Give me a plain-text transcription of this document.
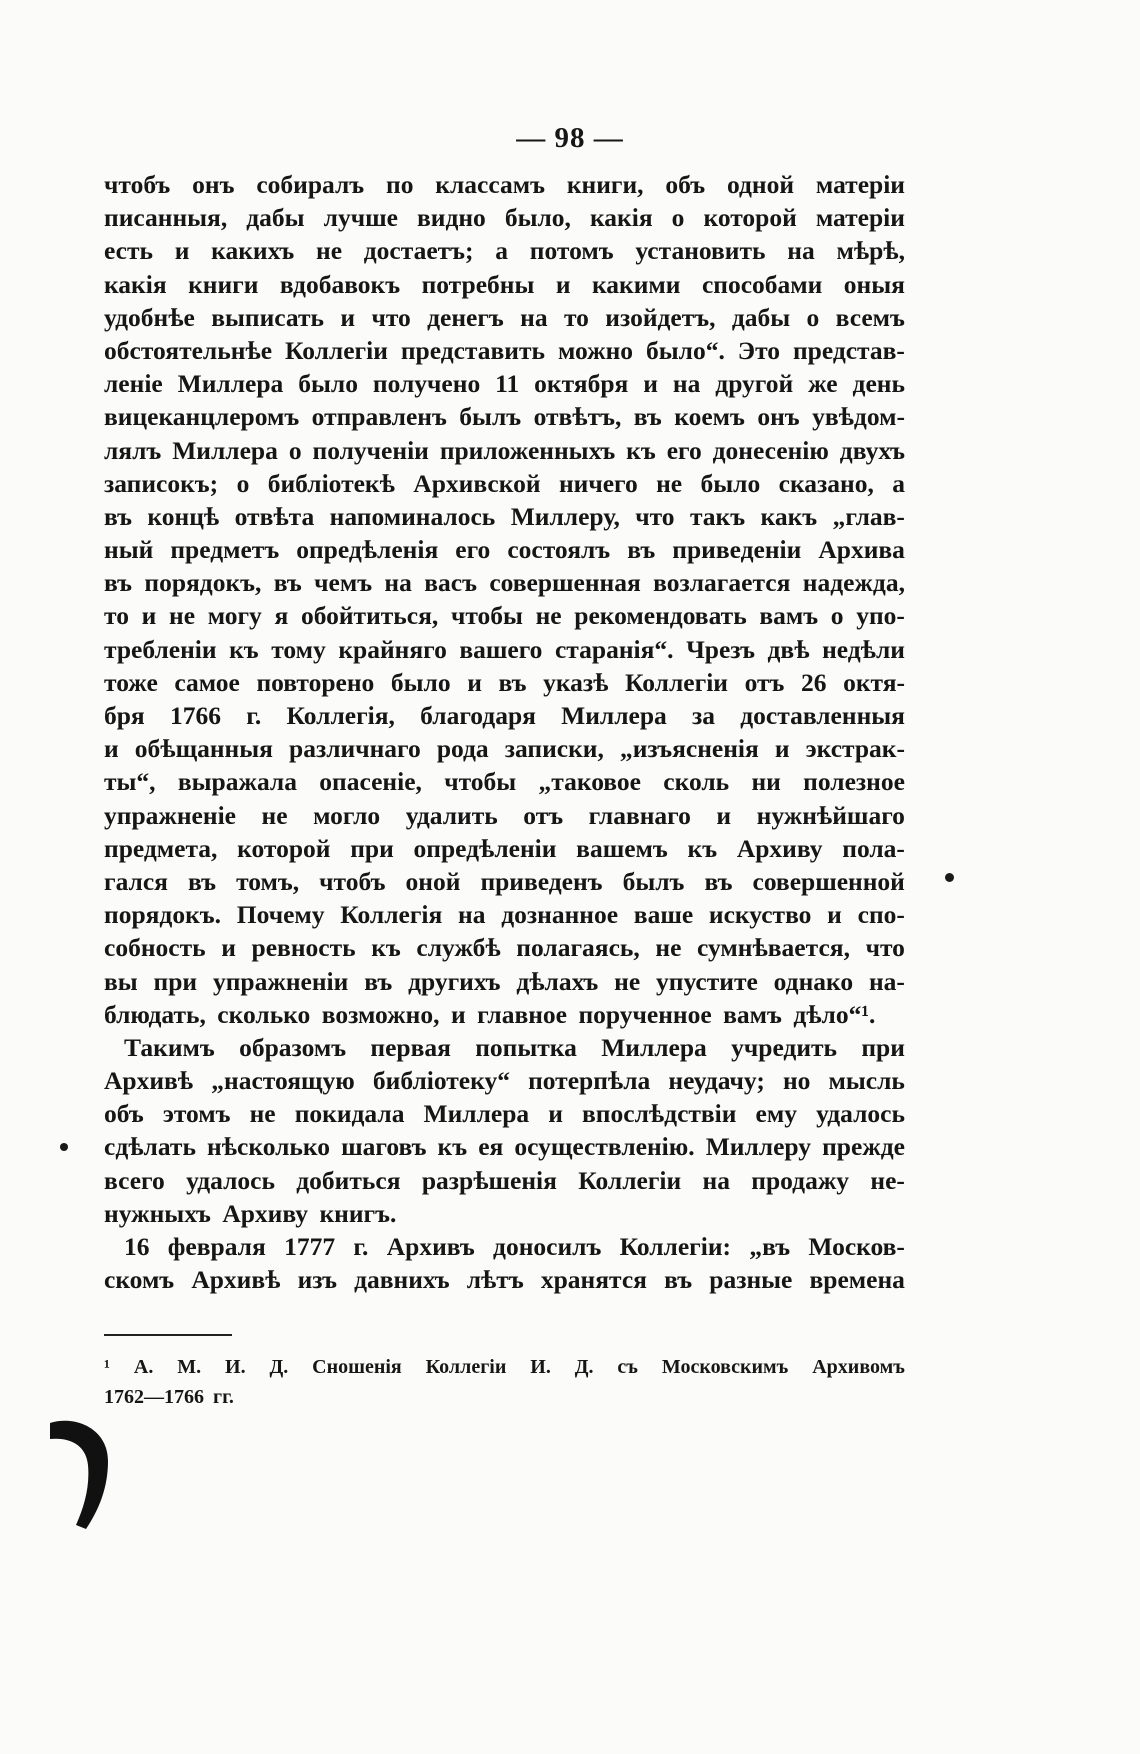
— 98 —
чтобъ онъ собиралъ по классамъ книги, объ одной матеріи
писанныя, дабы лучше видно было, какія о которой матеріи
есть и какихъ не достаетъ; а потомъ установить на мѣрѣ,
какія книги вдобавокъ потребны и какими способами оныя
удобнѣе выписать и что денегъ на то изойдетъ, дабы о всемъ
обстоятельнѣе Коллегіи представить можно было“. Это представ-
леніе Миллера было получено 11 октября и на другой же день
вицеканцлеромъ отправленъ былъ отвѣтъ, въ коемъ онъ увѣдом-
лялъ Миллера о полученіи приложенныхъ къ его донесенію двухъ
записокъ; о библіотекѣ Архивской ничего не было сказано, а
въ концѣ отвѣта напоминалось Миллеру, что такъ какъ „глав-
ный предметъ опредѣленія его состоялъ въ приведеніи Архива
въ порядокъ, въ чемъ на васъ совершенная возлагается надежда,
то и не могу я обойтиться, чтобы не рекомендовать вамъ о упо-
требленіи къ тому крайняго вашего старанія“. Чрезъ двѣ недѣли
тоже самое повторено было и въ указѣ Коллегіи отъ 26 октя-
бря 1766 г. Коллегія, благодаря Миллера за доставленныя
и обѣщанныя различнаго рода записки, „изъясненія и экстрак-
ты“, выражала опасеніе, чтобы „таковое сколь ни полезное
упражненіе не могло удалить отъ главнаго и нужнѣйшаго
предмета, которой при опредѣленіи вашемъ къ Архиву пола-
гался въ томъ, чтобъ оной приведенъ былъ въ совершенной
порядокъ. Почему Коллегія на дознанное ваше искуство и спо-
собность и ревность къ службѣ полагаясь, не сумнѣвается, что
вы при упражненіи въ другихъ дѣлахъ не упустите однако на-
блюдать, сколько возможно, и главное порученное вамъ дѣло“¹.
Такимъ образомъ первая попытка Миллера учредить при
Архивѣ „настоящую библіотеку“ потерпѣла неудачу; но мысль
объ этомъ не покидала Миллера и впослѣдствіи ему удалось
сдѣлать нѣсколько шаговъ къ ея осуществленію. Миллеру прежде
всего удалось добиться разрѣшенія Коллегіи на продажу не-
нужныхъ Архиву книгъ.
16 февраля 1777 г. Архивъ доносилъ Коллегіи: „въ Москов-
скомъ Архивѣ изъ давнихъ лѣтъ хранятся въ разные времена
¹ А. М. И. Д. Сношенія Коллегіи И. Д. съ Московскимъ Архивомъ
1762—1766 гг.
